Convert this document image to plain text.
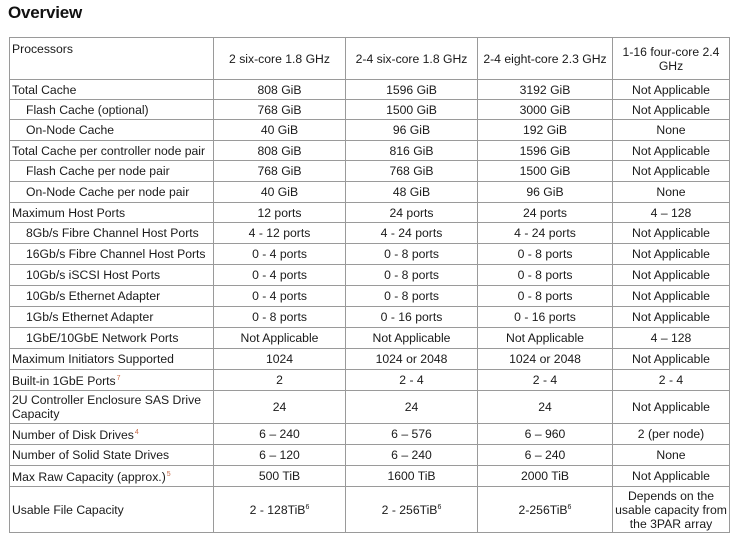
Overview
Processors	2 six-core 1.8 GHz	2-4 six-core 1.8 GHz	2-4 eight-core 2.3 GHz	1-16 four-core 2.4 GHz
Total Cache	808 GiB	1596 GiB	3192 GiB	Not Applicable
Flash Cache (optional)	768 GiB	1500 GiB	3000 GiB	Not Applicable
On-Node Cache	40 GiB	96 GiB	192 GiB	None
Total Cache per controller node pair	808 GiB	816 GiB	1596 GiB	Not Applicable
Flash Cache per node pair	768 GiB	768 GiB	1500 GiB	Not Applicable
On-Node Cache per node pair	40 GiB	48 GiB	96 GiB	None
Maximum Host Ports	12 ports	24 ports	24 ports	4 – 128
8Gb/s Fibre Channel Host Ports	4 - 12 ports	4 - 24 ports	4 - 24 ports	Not Applicable
16Gb/s Fibre Channel Host Ports	0 - 4 ports	0 - 8 ports	0 - 8 ports	Not Applicable
10Gb/s iSCSI Host Ports	0 - 4 ports	0 - 8 ports	0 - 8 ports	Not Applicable
10Gb/s Ethernet Adapter	0 - 4 ports	0 - 8 ports	0 - 8 ports	Not Applicable
1Gb/s Ethernet Adapter	0 - 8 ports	0 - 16 ports	0 - 16 ports	Not Applicable
1GbE/10GbE Network Ports	Not Applicable	Not Applicable	Not Applicable	4 – 128
Maximum Initiators Supported	1024	1024 or 2048	1024 or 2048	Not Applicable
Built-in 1GbE Ports$^7$	2	2 - 4	2 - 4	2 - 4
2U Controller Enclosure SAS Drive Capacity	24	24	24	Not Applicable
Number of Disk Drives$^4$	6 – 240	6 – 576	6 – 960	2 (per node)
Number of Solid State Drives	6 – 120	6 – 240	6 – 240	None
Max Raw Capacity (approx.)$^5$	500 TiB	1600 TiB	2000 TiB	Not Applicable
Usable File Capacity	2 - 128TiB$^6$	2 - 256TiB$^6$	2-256TiB$^6$	Depends on the usable capacity from the 3PAR array
